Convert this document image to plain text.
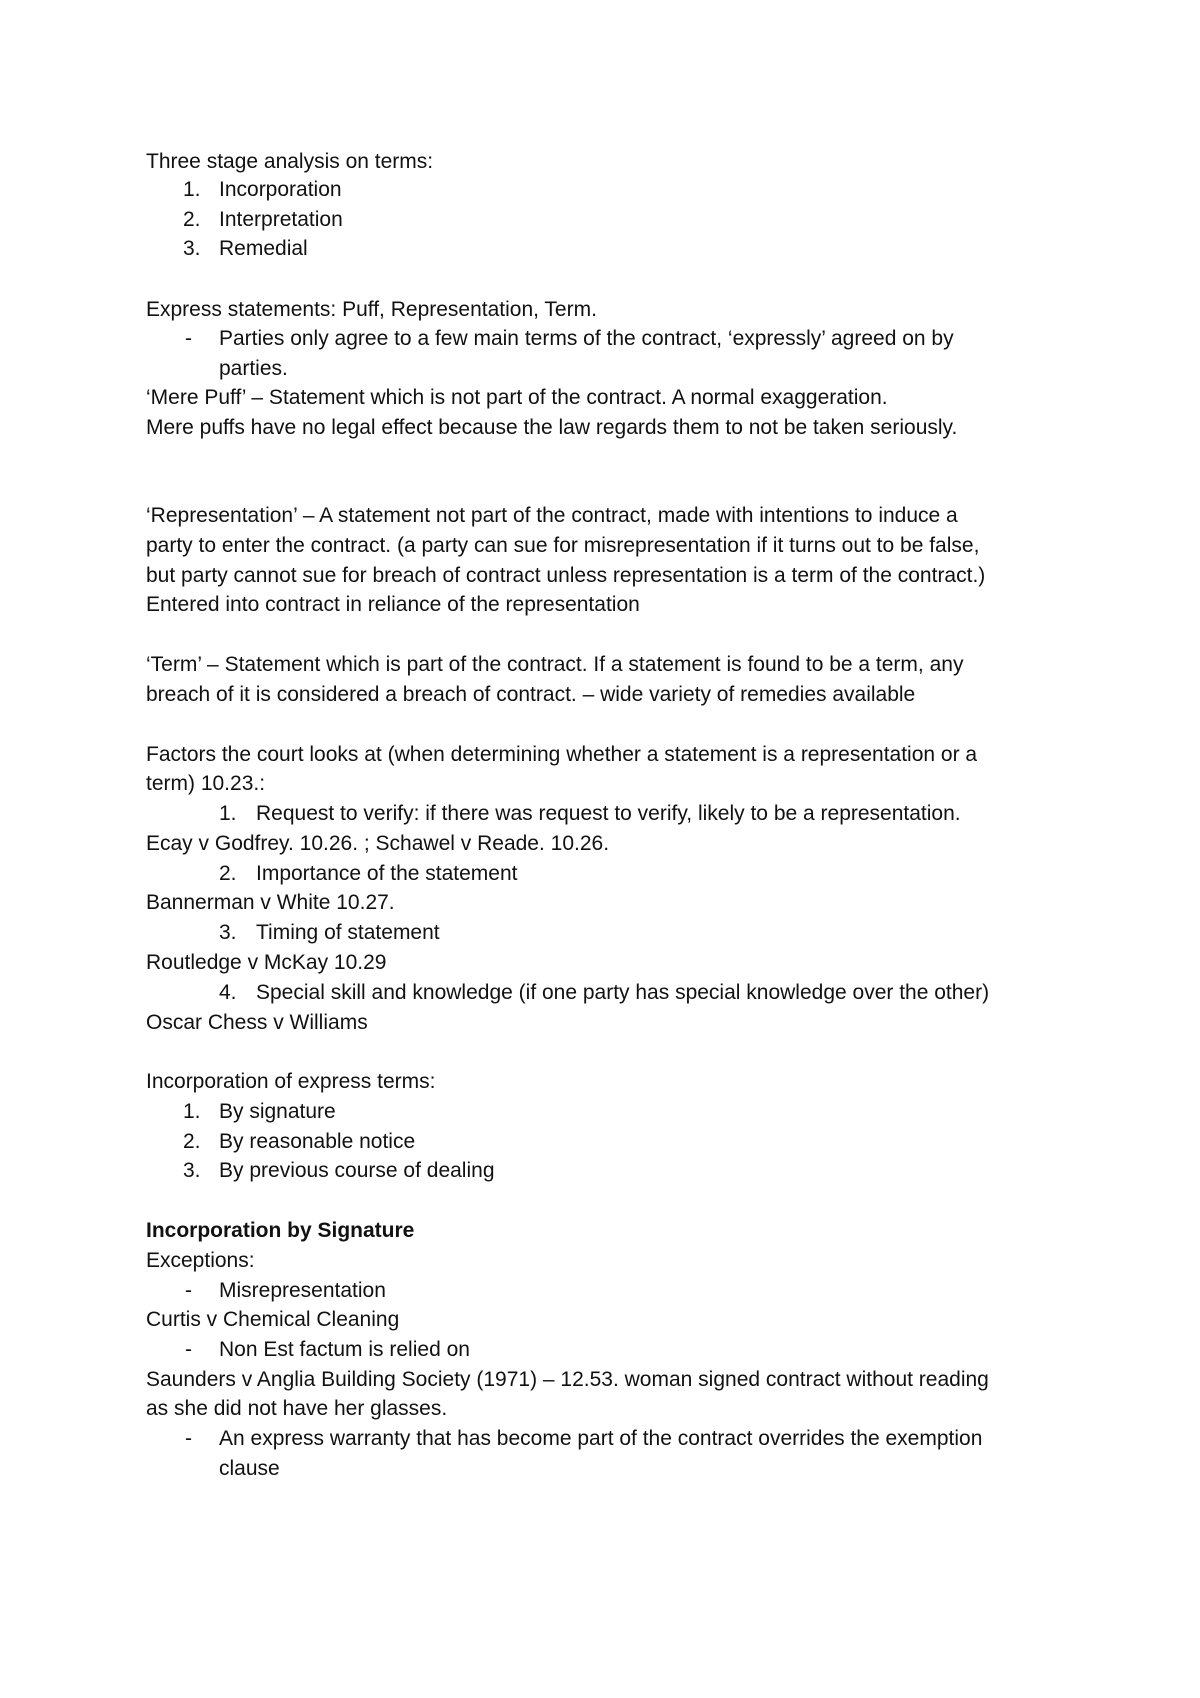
Three stage analysis on terms:
1. Incorporation
2. Interpretation
3. Remedial
Express statements: Puff, Representation, Term.
- Parties only agree to a few main terms of the contract, ‘expressly’ agreed on by
parties.
‘Mere Puff’ – Statement which is not part of the contract. A normal exaggeration.
Mere puffs have no legal effect because the law regards them to not be taken seriously.
‘Representation’ – A statement not part of the contract, made with intentions to induce a
party to enter the contract. (a party can sue for misrepresentation if it turns out to be false,
but party cannot sue for breach of contract unless representation is a term of the contract.)
Entered into contract in reliance of the representation
‘Term’ – Statement which is part of the contract. If a statement is found to be a term, any
breach of it is considered a breach of contract. – wide variety of remedies available
Factors the court looks at (when determining whether a statement is a representation or a
term) 10.23.:
1. Request to verify: if there was request to verify, likely to be a representation.
Ecay v Godfrey. 10.26. ; Schawel v Reade. 10.26.
2. Importance of the statement
Bannerman v White 10.27.
3. Timing of statement
Routledge v McKay 10.29
4. Special skill and knowledge (if one party has special knowledge over the other)
Oscar Chess v Williams
Incorporation of express terms:
1. By signature
2. By reasonable notice
3. By previous course of dealing
Incorporation by Signature
Exceptions:
- Misrepresentation
Curtis v Chemical Cleaning
- Non Est factum is relied on
Saunders v Anglia Building Society (1971) – 12.53. woman signed contract without reading
as she did not have her glasses.
- An express warranty that has become part of the contract overrides the exemption
clause
